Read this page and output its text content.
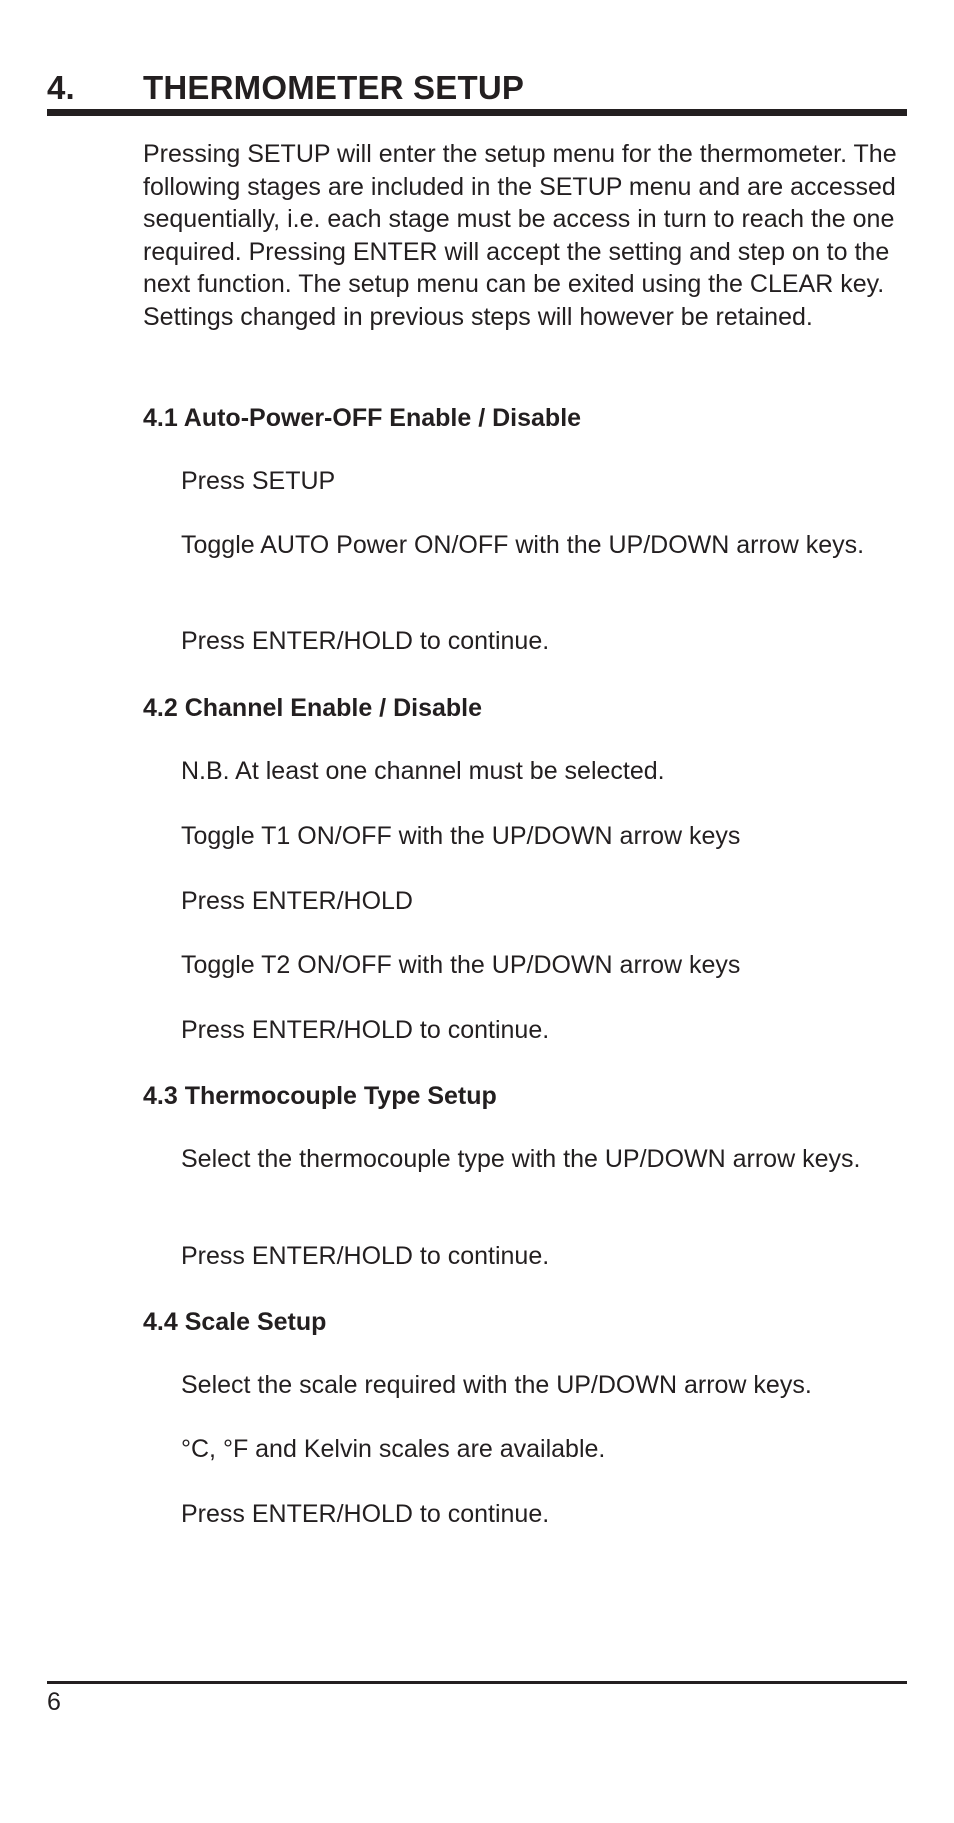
4. THERMOMETER SETUP

Pressing SETUP will enter the setup menu for the thermometer. The following stages are included in the SETUP menu and are accessed sequentially, i.e. each stage must be access in turn to reach the one required. Pressing ENTER will accept the setting and step on to the next function. The setup menu can be exited using the CLEAR key. Settings changed in previous steps will however be retained.

4.1 Auto-Power-OFF Enable / Disable

Press SETUP

Toggle AUTO Power ON/OFF with the UP/DOWN arrow keys.

Press ENTER/HOLD to continue.

4.2 Channel Enable / Disable

N.B. At least one channel must be selected.

Toggle T1 ON/OFF with the UP/DOWN arrow keys

Press ENTER/HOLD

Toggle T2 ON/OFF with the UP/DOWN arrow keys

Press ENTER/HOLD to continue.

4.3 Thermocouple Type Setup

Select the thermocouple type with the UP/DOWN arrow keys.

Press ENTER/HOLD to continue.

4.4 Scale Setup

Select the scale required with the UP/DOWN arrow keys.

°C, °F and Kelvin scales are available.

Press ENTER/HOLD to continue.

6
